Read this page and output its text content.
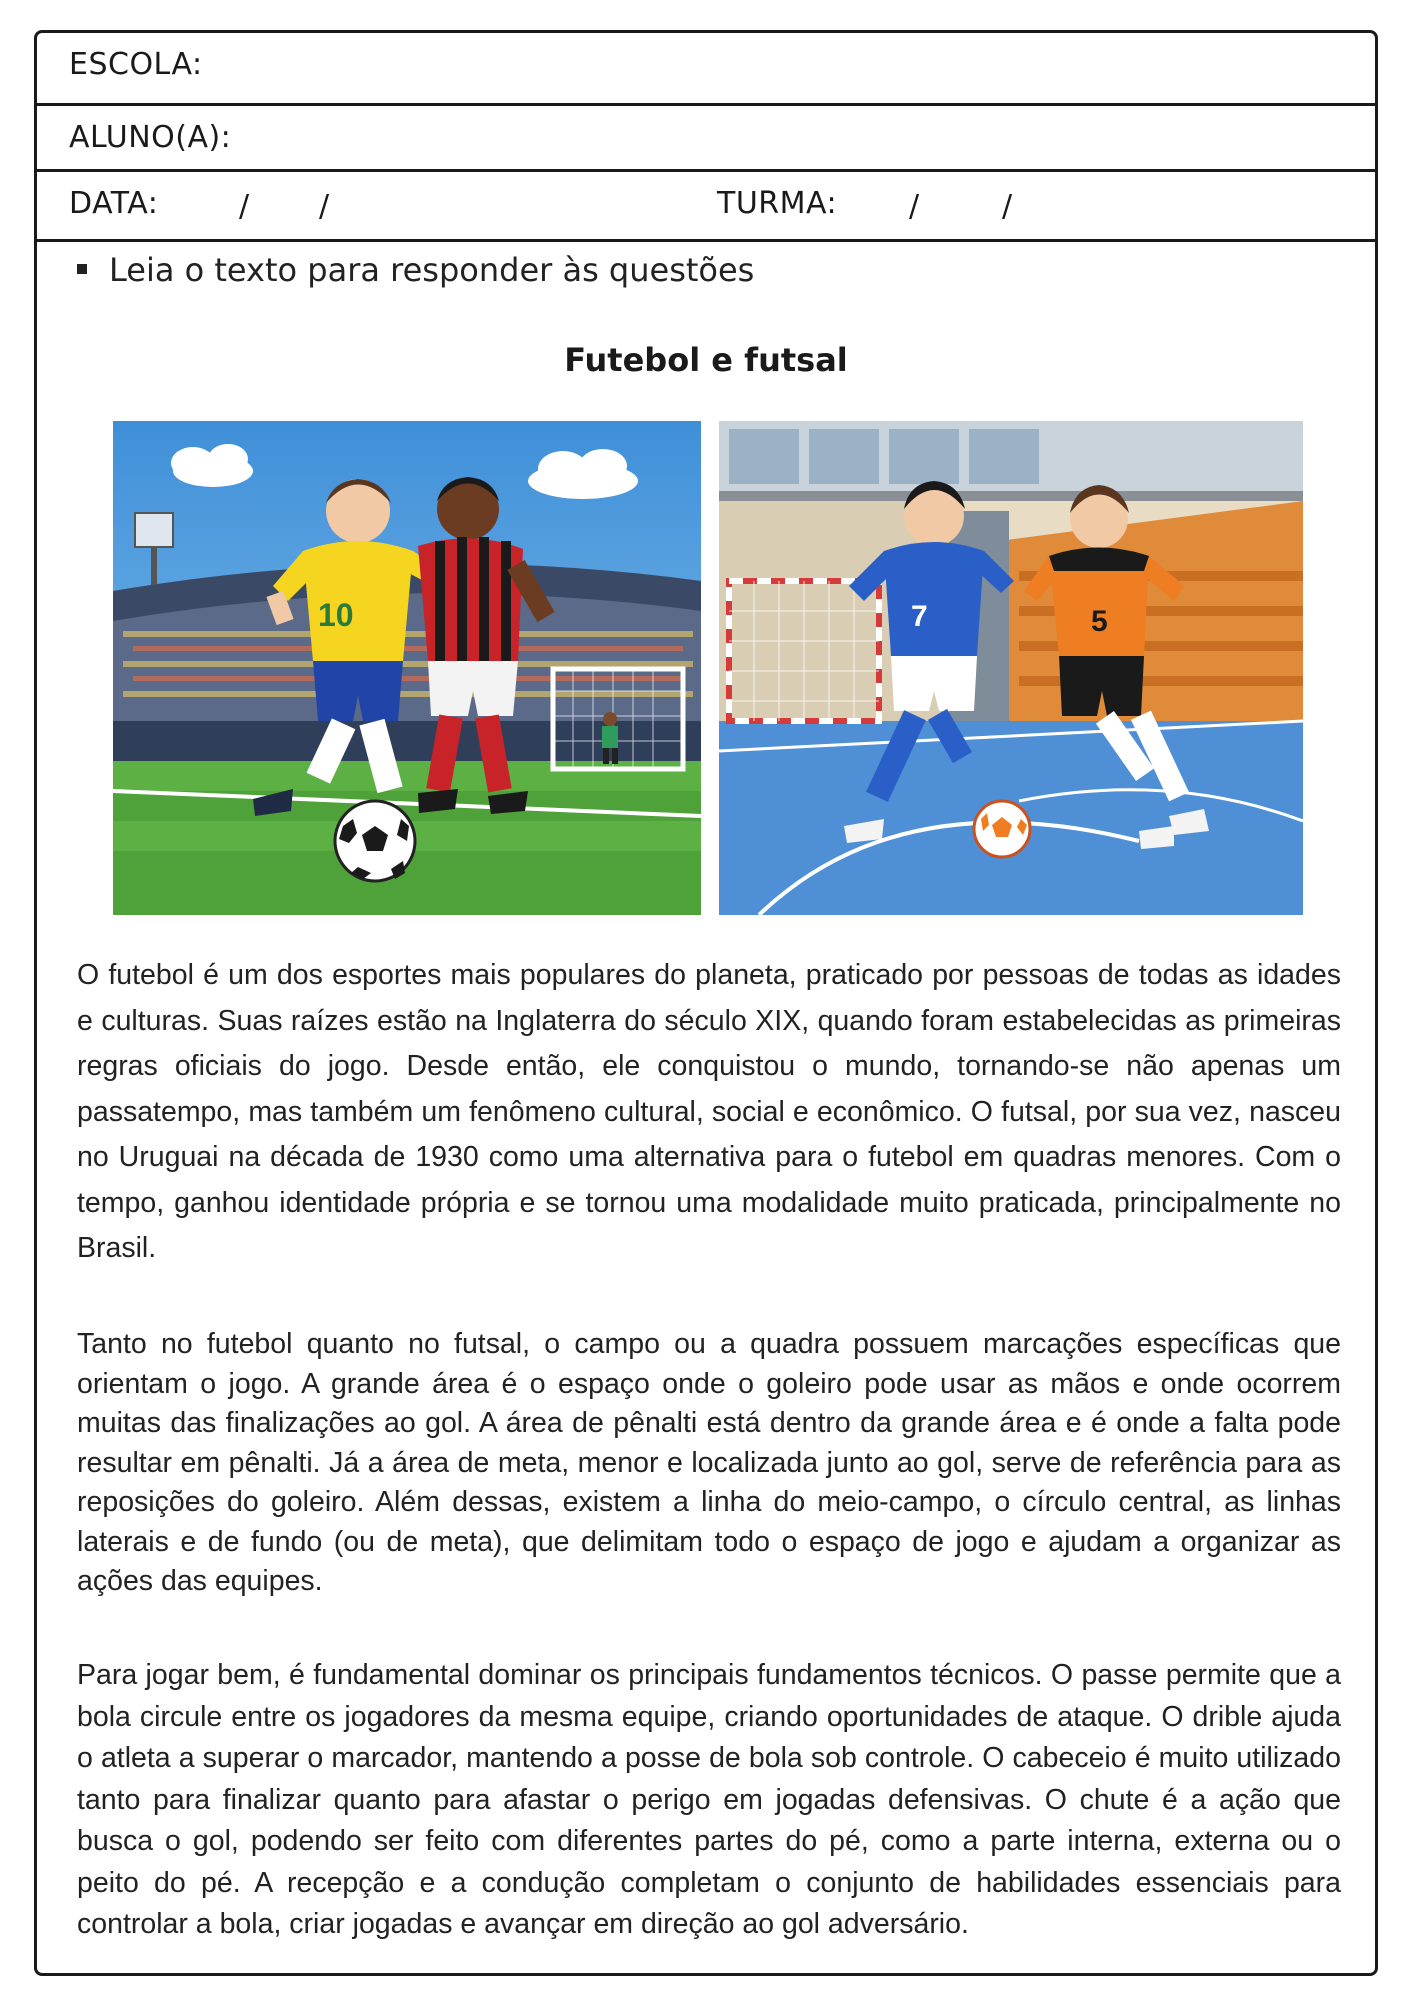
ESCOLA:
ALUNO(A):
DATA:	/ /	TURMA: /	/
Leia o texto para responder às questões
Futebol e futsal
10	7	5

O futebol é um dos esportes mais populares do planeta, praticado por pessoas de todas as idades e culturas. Suas raízes estão na Inglaterra do século XIX, quando foram estabelecidas as primeiras regras oficiais do jogo. Desde então, ele conquistou o mundo, tornando-se não apenas um passatempo, mas também um fenômeno cultural, social e econômico. O futsal, por sua vez, nasceu no Uruguai na década de 1930 como uma alternativa para o futebol em quadras menores. Com o tempo, ganhou identidade própria e se tornou uma modalidade muito praticada, principalmente no Brasil.

Tanto no futebol quanto no futsal, o campo ou a quadra possuem marcações específicas que orientam o jogo. A grande área é o espaço onde o goleiro pode usar as mãos e onde ocorrem muitas das finalizações ao gol. A área de pênalti está dentro da grande área e é onde a falta pode resultar em pênalti. Já a área de meta, menor e localizada junto ao gol, serve de referência para as reposições do goleiro. Além dessas, existem a linha do meio-campo, o círculo central, as linhas laterais e de fundo (ou de meta), que delimitam todo o espaço de jogo e ajudam a organizar as ações das equipes.

Para jogar bem, é fundamental dominar os principais fundamentos técnicos. O passe permite que a bola circule entre os jogadores da mesma equipe, criando oportunidades de ataque. O drible ajuda o atleta a superar o marcador, mantendo a posse de bola sob controle. O cabeceio é muito utilizado tanto para finalizar quanto para afastar o perigo em jogadas defensivas. O chute é a ação que busca o gol, podendo ser feito com diferentes partes do pé, como a parte interna, externa ou o peito do pé. A recepção e a condução completam o conjunto de habilidades essenciais para controlar a bola, criar jogadas e avançar em direção ao gol adversário.
